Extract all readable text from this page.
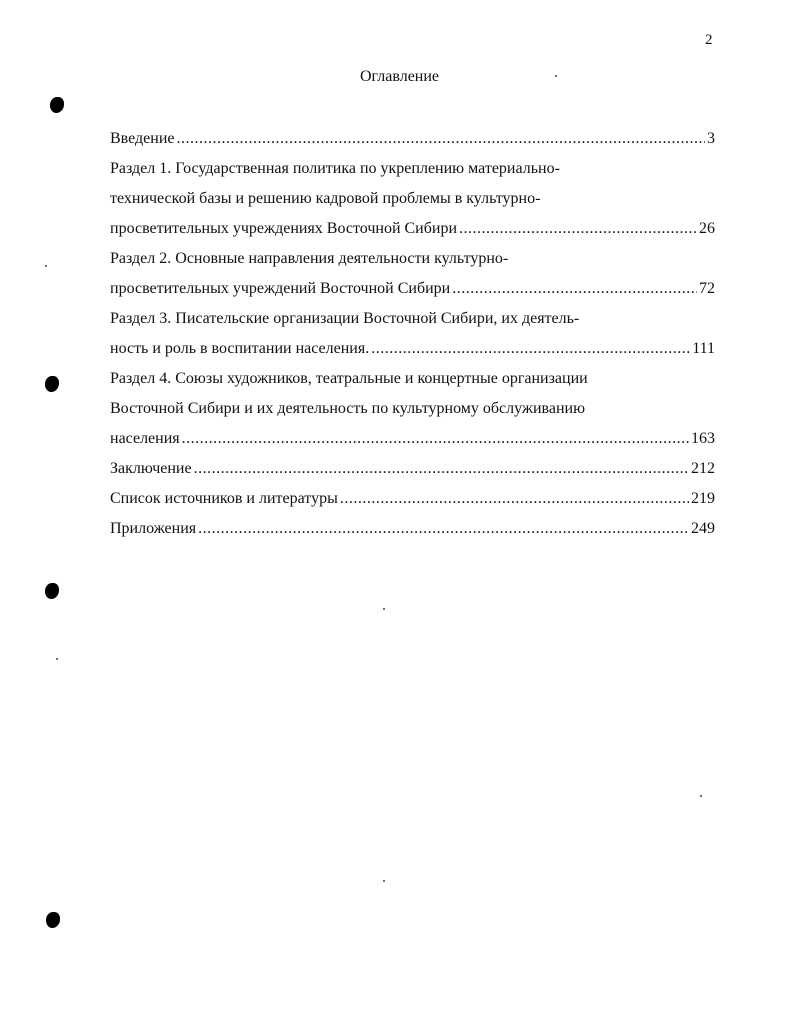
2
Оглавление
Введение .....	3
Раздел 1. Государственная политика по укреплению материально-
технической базы и решению кадровой проблемы в культурно-
просветительных учреждениях Восточной Сибири .....	26
Раздел 2. Основные направления деятельности культурно-
просветительных учреждений Восточной Сибири .....	72
Раздел 3. Писательские организации Восточной Сибири, их деятель-
ность и роль в воспитании населения. .....	111
Раздел 4. Союзы художников, театральные и концертные организации
Восточной Сибири и их деятельность по культурному обслуживанию
населения .....	163
Заключение .....	212
Список источников и литературы .....	219
Приложения .....	249
